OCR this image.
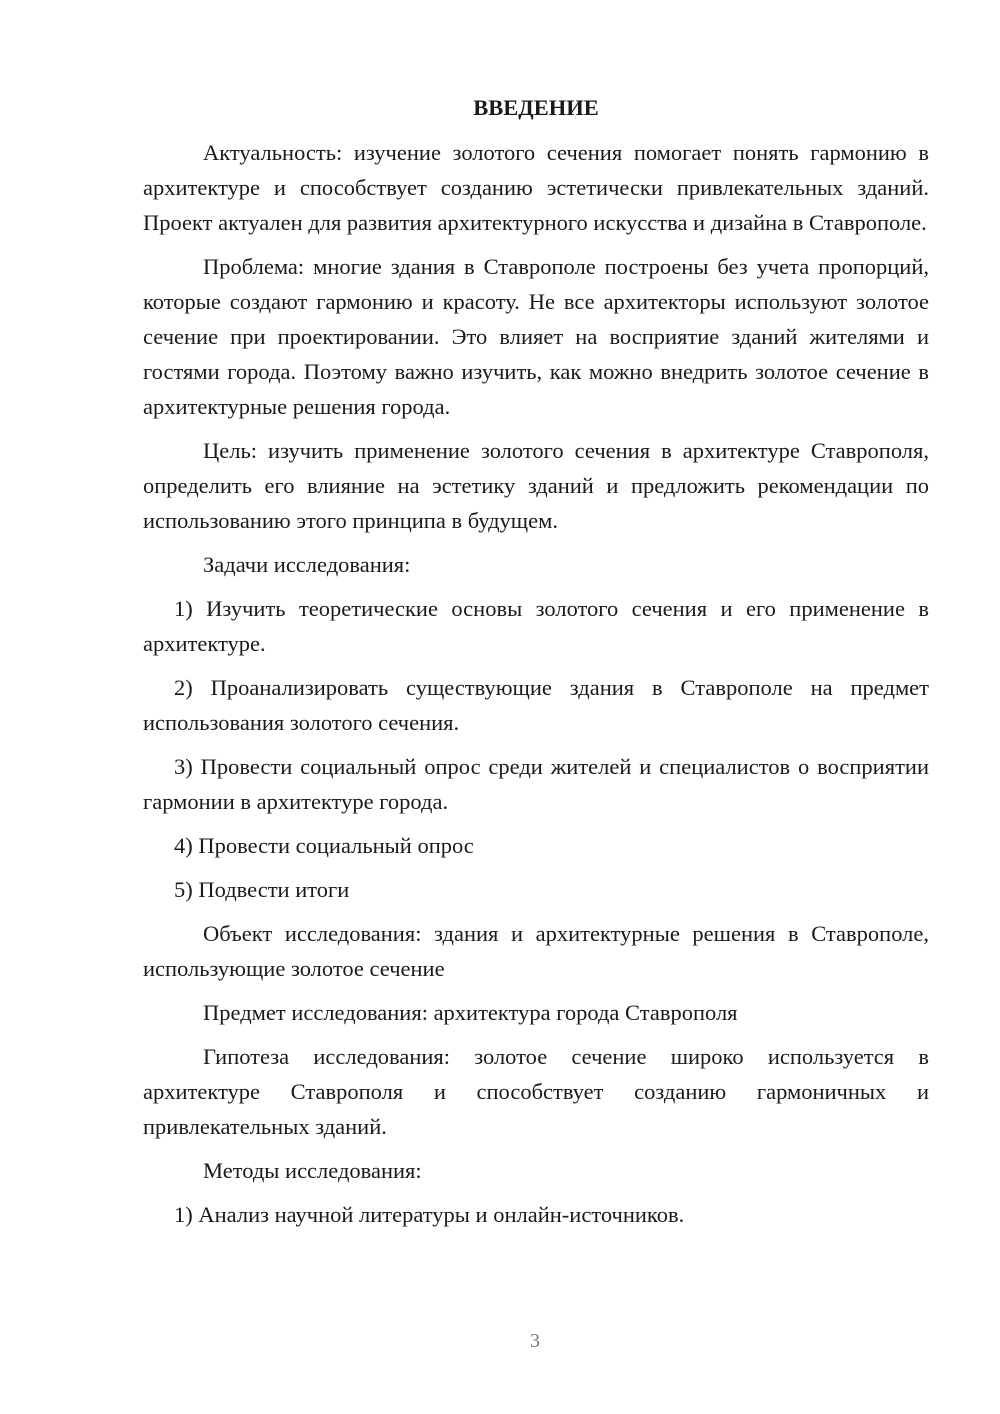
ВВЕДЕНИЕ

Актуальность: изучение золотого сечения помогает понять гармонию в архитектуре и способствует созданию эстетически привлекательных зданий. Проект актуален для развития архитектурного искусства и дизайна в Ставрополе.

Проблема: многие здания в Ставрополе построены без учета пропорций, которые создают гармонию и красоту. Не все архитекторы используют золотое сечение при проектировании. Это влияет на восприятие зданий жителями и гостями города. Поэтому важно изучить, как можно внедрить золотое сечение в архитектурные решения города.

Цель: изучить применение золотого сечения в архитектуре Ставрополя, определить его влияние на эстетику зданий и предложить рекомендации по использованию этого принципа в будущем.

Задачи исследования:

1) Изучить теоретические основы золотого сечения и его применение в архитектуре.

2) Проанализировать существующие здания в Ставрополе на предмет использования золотого сечения.

3) Провести социальный опрос среди жителей и специалистов о восприятии гармонии в архитектуре города.

4) Провести социальный опрос

5) Подвести итоги

Объект исследования: здания и архитектурные решения в Ставрополе, использующие золотое сечение

Предмет исследования: архитектура города Ставрополя

Гипотеза исследования: золотое сечение широко используется в архитектуре Ставрополя и способствует созданию гармоничных и привлекательных зданий.

Методы исследования:

1) Анализ научной литературы и онлайн-источников.

3
